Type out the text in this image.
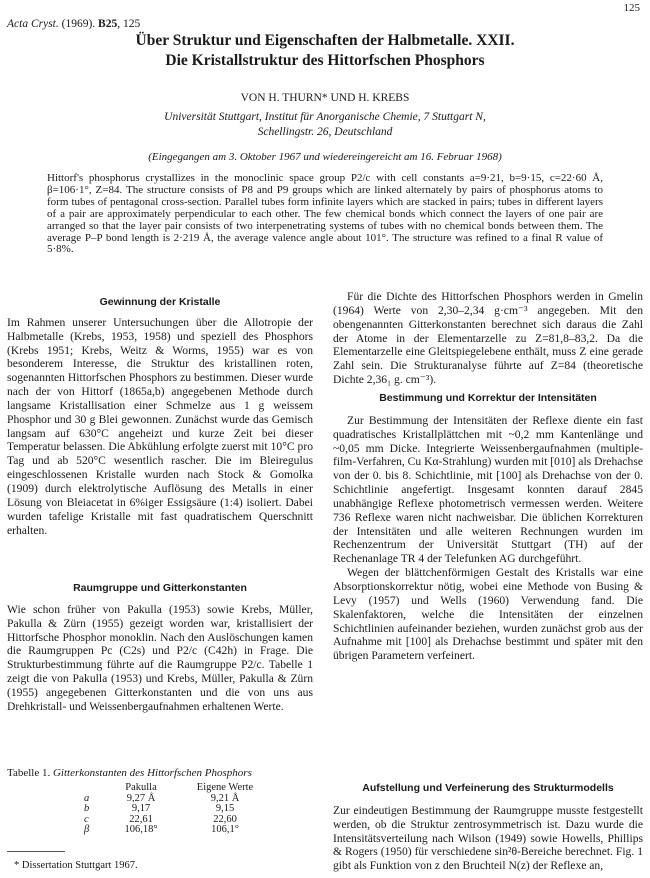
125
Acta Cryst. (1969). B25, 125
Über Struktur und Eigenschaften der Halbmetalle. XXII.
Die Kristallstruktur des Hittorfschen Phosphors
VON H. THURN* UND H. KREBS
Universität Stuttgart, Institut für Anorganische Chemie, 7 Stuttgart N,
Schellingstr. 26, Deutschland
(Eingegangen am 3. Oktober 1967 und wiedereingereicht am 16. Februar 1968)
Hittorf's phosphorus crystallizes in the monoclinic space group P2/c with cell constants a=9·21, b=9·15, c=22·60 Å, β=106·1°, Z=84. The structure consists of P8 and P9 groups which are linked alternately by pairs of phosphorus atoms to form tubes of pentagonal cross-section. Parallel tubes form infinite layers which are stacked in pairs; tubes in different layers of a pair are approximately perpendicular to each other. The few chemical bonds which connect the layers of one pair are arranged so that the layer pair consists of two interpenetrating systems of tubes with no chemical bonds between them. The average P–P bond length is 2·219 Å, the average valence angle about 101°. The structure was refined to a final R value of 5·8%.
Gewinnung der Kristalle

Im Rahmen unserer Untersuchungen über die Allotropie der Halbmetalle (Krebs, 1953, 1958) und speziell des Phosphors (Krebs 1951; Krebs, Weitz & Worms, 1955) war es von besonderem Interesse, die Struktur des kristallinen roten, sogenannten Hittorfschen Phosphors zu bestimmen. Dieser wurde nach der von Hittorf (1865a,b) angegebenen Methode durch langsame Kristallisation einer Schmelze aus 1 g weissem Phosphor und 30 g Blei gewonnen. Zunächst wurde das Gemisch langsam auf 630°C angeheizt und kurze Zeit bei dieser Temperatur belassen. Die Abkühlung erfolgte zuerst mit 10°C pro Tag und ab 520°C wesentlich rascher. Die im Bleiregulus eingeschlossenen Kristalle wurden nach Stock & Gomolka (1909) durch elektrolytische Auflösung des Metalls in einer Lösung von Bleiacetat in 6%iger Essigsäure (1:4) isoliert. Dabei wurden tafelige Kristalle mit fast quadratischem Querschnitt erhalten.

Raumgruppe und Gitterkonstanten

Wie schon früher von Pakulla (1953) sowie Krebs, Müller, Pakulla & Zürn (1955) gezeigt worden war, kristallisiert der Hittorfsche Phosphor monoklin. Nach den Auslöschungen kamen die Raumgruppen Pc (C2s) und P2/c (C42h) in Frage. Die Strukturbestimmung führte auf die Raumgruppe P2/c. Tabelle 1 zeigt die von Pakulla (1953) und Krebs, Müller, Pakulla & Zürn (1955) angegebenen Gitterkonstanten und die von uns aus Drehkristall- und Weissenbergaufnahmen erhaltenen Werte.

Tabelle 1. Gitterkonstanten des Hittorfschen Phosphors
	Pakulla	Eigene Werte
a	9,27 Å	9,21 Å
b	9,17	9,15
c	22,61	22,60
β	106,18°	106,1°
* Dissertation Stuttgart 1967.

Für die Dichte des Hittorfschen Phosphors werden in Gmelin (1964) Werte von 2,30–2,34 g·cm⁻³ angegeben. Mit den obengenannten Gitterkonstanten berechnet sich daraus die Zahl der Atome in der Elementarzelle zu Z=81,8–83,2. Da die Elementarzelle eine Gleitspiegelebene enthält, muss Z eine gerade Zahl sein. Die Strukturanalyse führte auf Z=84 (theoretische Dichte 2,36₁ g. cm⁻³).

Bestimmung und Korrektur der Intensitäten

Zur Bestimmung der Intensitäten der Reflexe diente ein fast quadratisches Kristallplättchen mit ~0,2 mm Kantenlänge und ~0,05 mm Dicke. Integrierte Weissenbergaufnahmen (multiple-film-Verfahren, Cu Kα-Strahlung) wurden mit [010] als Drehachse von der 0. bis 8. Schichtlinie, mit [100] als Drehachse von der 0. Schichtlinie angefertigt. Insgesamt konnten darauf 2845 unabhängige Reflexe photometrisch vermessen werden. Weitere 736 Reflexe waren nicht nachweisbar. Die üblichen Korrekturen der Intensitäten und alle weiteren Rechnungen wurden im Rechenzentrum der Universität Stuttgart (TH) auf der Rechenanlage TR 4 der Telefunken AG durchgeführt.

Wegen der blättchenförmigen Gestalt des Kristalls war eine Absorptionskorrektur nötig, wobei eine Methode von Busing & Levy (1957) und Wells (1960) Verwendung fand. Die Skalenfaktoren, welche die Intensitäten der einzelnen Schichtlinien aufeinander beziehen, wurden zunächst grob aus der Aufnahme mit [100] als Drehachse bestimmt und später mit den übrigen Parametern verfeinert.

Aufstellung und Verfeinerung des Strukturmodells

Zur eindeutigen Bestimmung der Raumgruppe musste festgestellt werden, ob die Struktur zentrosymmetrisch ist. Dazu wurde die Intensitätsverteilung nach Wilson (1949) sowie Howells, Phillips & Rogers (1950) für verschiedene sin²θ-Bereiche berechnet. Fig. 1 gibt als Funktion von z den Bruchteil N(z) der Reflexe an,
